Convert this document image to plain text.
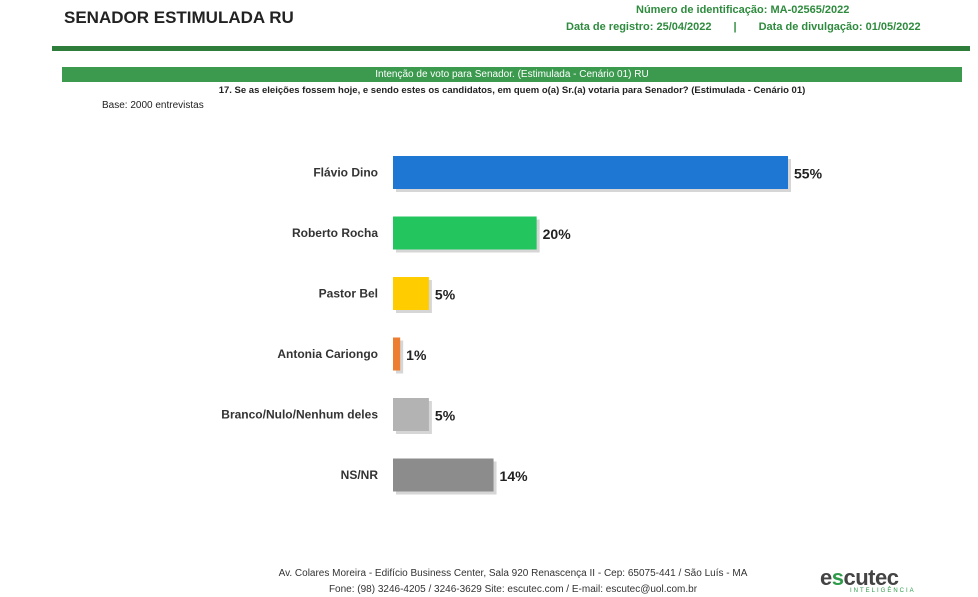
SENADOR ESTIMULADA RU	Número de identificação: MA-02565/2022
Data de registro: 25/04/2022 | Data de divulgação: 01/05/2022
Intenção de voto para Senador. (Estimulada - Cenário 01) RU
17. Se as eleições fossem hoje, e sendo estes os candidatos, em quem o(a) Sr.(a) votaria para Senador? (Estimulada - Cenário 01)
Base: 2000 entrevistas
Flávio Dino	55%
Roberto Rocha	20%
Pastor Bel	5%
Antonia Cariongo 1%
Branco/Nulo/Nenhum deles	5%
NS/NR	14%
Av. Colares Moreira - Edifício Business Center, Sala 920 Renascença II - Cep: 65075-441 / São Luís - MA
Fone: (98) 3246-4205 / 3246-3629 Site: escutec.com / E-mail: escutec@uol.com.br	escutec
INTELIGÊNCIA
